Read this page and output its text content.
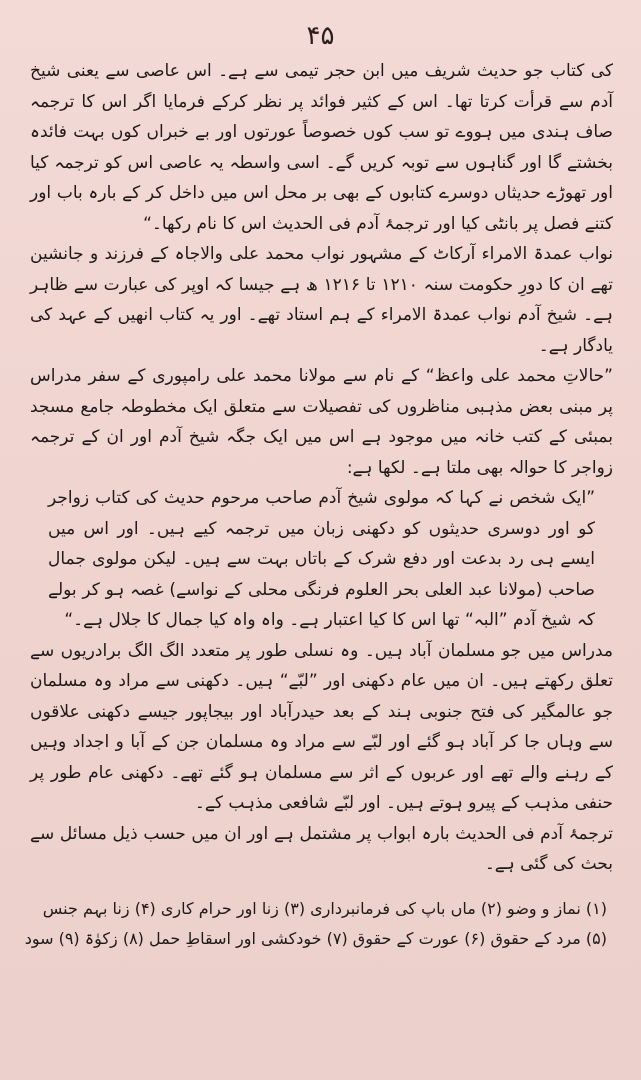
۴۵

کی کتاب جو حدیث شریف میں ابن حجر تیمی سے ہے۔ اس عاصی سے یعنی شیخ آدم سے قرأت کرتا تھا۔ اس کے کثیر فوائد پر نظر کرکے فرمایا اگر اس کا ترجمہ صاف ہندی میں ہووے تو سب کوں خصوصاً عورتوں اور بے خبراں کوں بہت فائدہ بخشتے گا اور گناہوں سے توبہ کریں گے۔ اسی واسطہ یہ عاصی اس کو ترجمہ کیا اور تھوڑے حدیثاں دوسرے کتابوں کے بھی بر محل اس میں داخل کر کے بارہ باب اور کتنے فصل پر بانٹی کیا اور ترجمۂ آدم فی الحدیث اس کا نام رکھا۔“

نواب عمدۃ الامراء آرکاٹ کے مشہور نواب محمد علی والاجاہ کے فرزند و جانشین تھے ان کا دورِ حکومت سنہ ۱۲۱۰ تا ۱۲۱۶ ھ ہے جیسا کہ اوپر کی عبارت سے ظاہر ہے۔ شیخ آدم نواب عمدۃ الامراء کے ہم استاد تھے۔ اور یہ کتاب انھیں کے عہد کی یادگار ہے۔

”حالاتِ محمد علی واعظ“ کے نام سے مولانا محمد علی رامپوری کے سفر مدراس پر مبنی بعض مذہبی مناظروں کی تفصیلات سے متعلق ایک مخطوطہ جامع مسجد بمبئی کے کتب خانہ میں موجود ہے اس میں ایک جگہ شیخ آدم اور ان کے ترجمہ زواجر کا حوالہ بھی ملتا ہے۔ لکھا ہے:

”ایک شخص نے کہا کہ مولوی شیخ آدم صاحب مرحوم حدیث کی کتاب زواجر کو اور دوسری حدیثوں کو دکھنی زبان میں ترجمہ کیے ہیں۔ اور اس میں ایسے ہی رد بدعت اور دفع شرک کے باتاں بہت سے ہیں۔ لیکن مولوی جمال صاحب (مولانا عبد العلی بحر العلوم فرنگی محلی کے نواسے) غصہ ہو کر بولے کہ شیخ آدم ”البہ“ تھا اس کا کیا اعتبار ہے۔ واہ واہ کیا جمال کا جلال ہے۔“

مدراس میں جو مسلمان آباد ہیں۔ وہ نسلی طور پر متعدد الگ الگ برادریوں سے تعلق رکھتے ہیں۔ ان میں عام دکھنی اور ”لبّے“ ہیں۔ دکھنی سے مراد وہ مسلمان جو عالمگیر کی فتح جنوبی ہند کے بعد حیدرآباد اور بیجاپور جیسے دکھنی علاقوں سے وہاں جا کر آباد ہو گئے اور لبّے سے مراد وہ مسلمان جن کے آبا و اجداد وہیں کے رہنے والے تھے اور عربوں کے اثر سے مسلمان ہو گئے تھے۔ دکھنی عام طور پر حنفی مذہب کے پیرو ہوتے ہیں۔ اور لبّے شافعی مذہب کے۔

ترجمۂ آدم فی الحدیث بارہ ابواب پر مشتمل ہے اور ان میں حسب ذیل مسائل سے بحث کی گئی ہے۔

(۱) نماز و وضو (۲) ماں باپ کی فرمانبرداری (۳) زنا اور حرام کاری (۴) زنا بہم جنس

(۵) مرد کے حقوق (۶) عورت کے حقوق (۷) خودکشی اور اسقاطِ حمل (۸) زکوٰۃ (۹) سود
